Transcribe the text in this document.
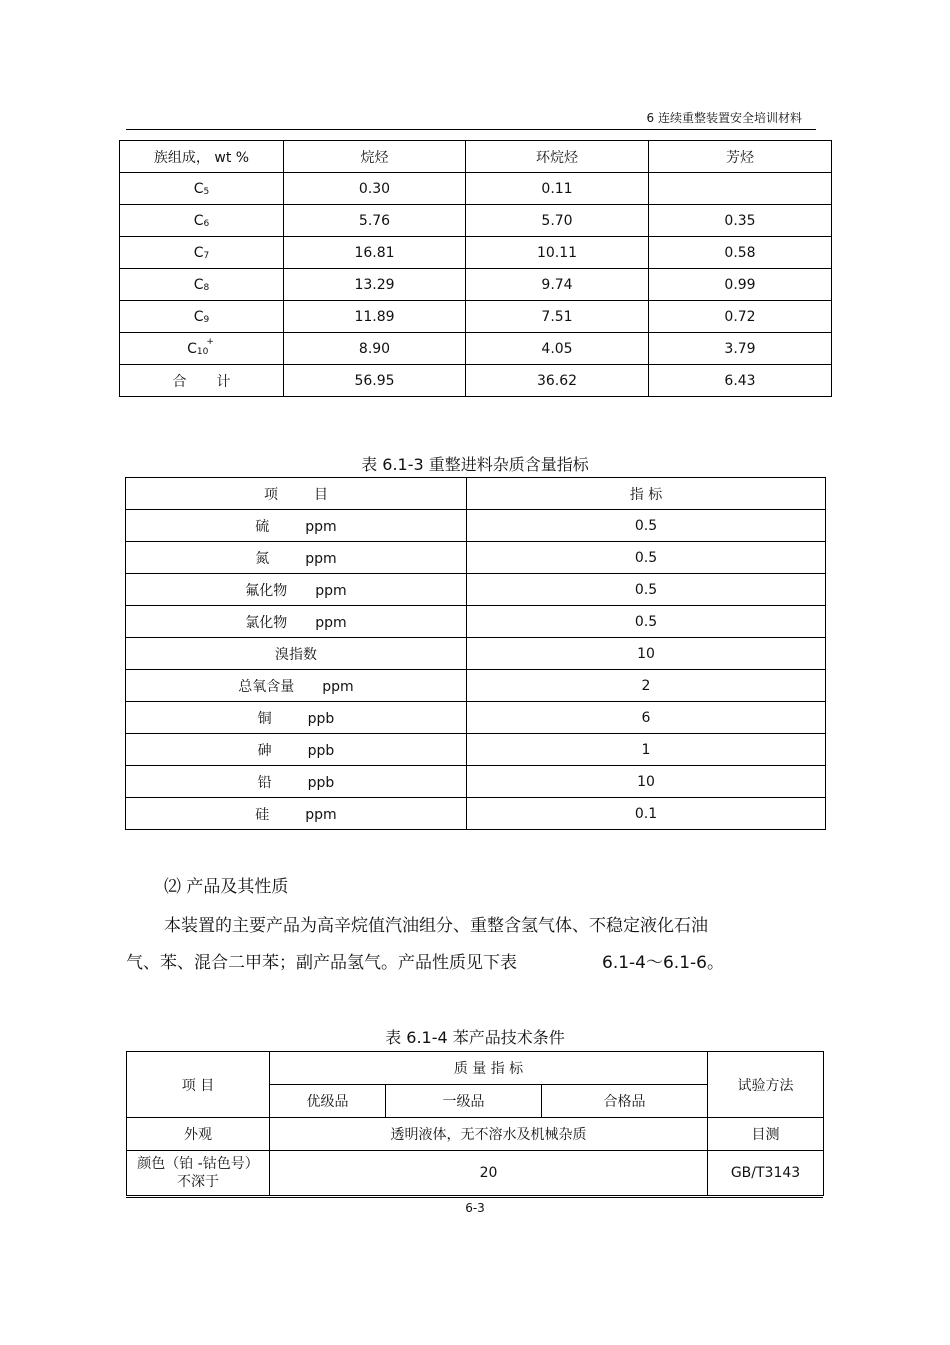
6 连续重整装置安全培训材料
族组成， wt %	烷烃	环烷烃	芳烃
C5	0.30	0.11	
C6	5.76	5.70	0.35
C7	16.81	10.11	0.58
C8	13.29	9.74	0.99
C9	11.89	7.51	0.72
C10+	8.90	4.05	3.79
合 计	56.95	36.62	6.43
表 6.1-3 重整进料杂质含量指标
项 目	指 标
硫 ppm	0.5
氮 ppm	0.5
氟化物 ppm	0.5
氯化物 ppm	0.5
溴指数	10
总氧含量 ppm	2
铜 ppb	6
砷 ppb	1
铅 ppb	10
硅 ppm	0.1
⑵ 产品及其性质
本装置的主要产品为高辛烷值汽油组分、重整含氢气体、不稳定液化石油
气、苯、混合二甲苯；副产品氢气。产品性质见下表	6.1-4～6.1-6。
表 6.1-4 苯产品技术条件
项 目	质 量 指 标			试验方法
	优级品	一级品	合格品	
外观	透明液体，无不溶水及机械杂质			目测

颜色（铂 -钴色号）
不深于	20			GB/T3143
6-3
